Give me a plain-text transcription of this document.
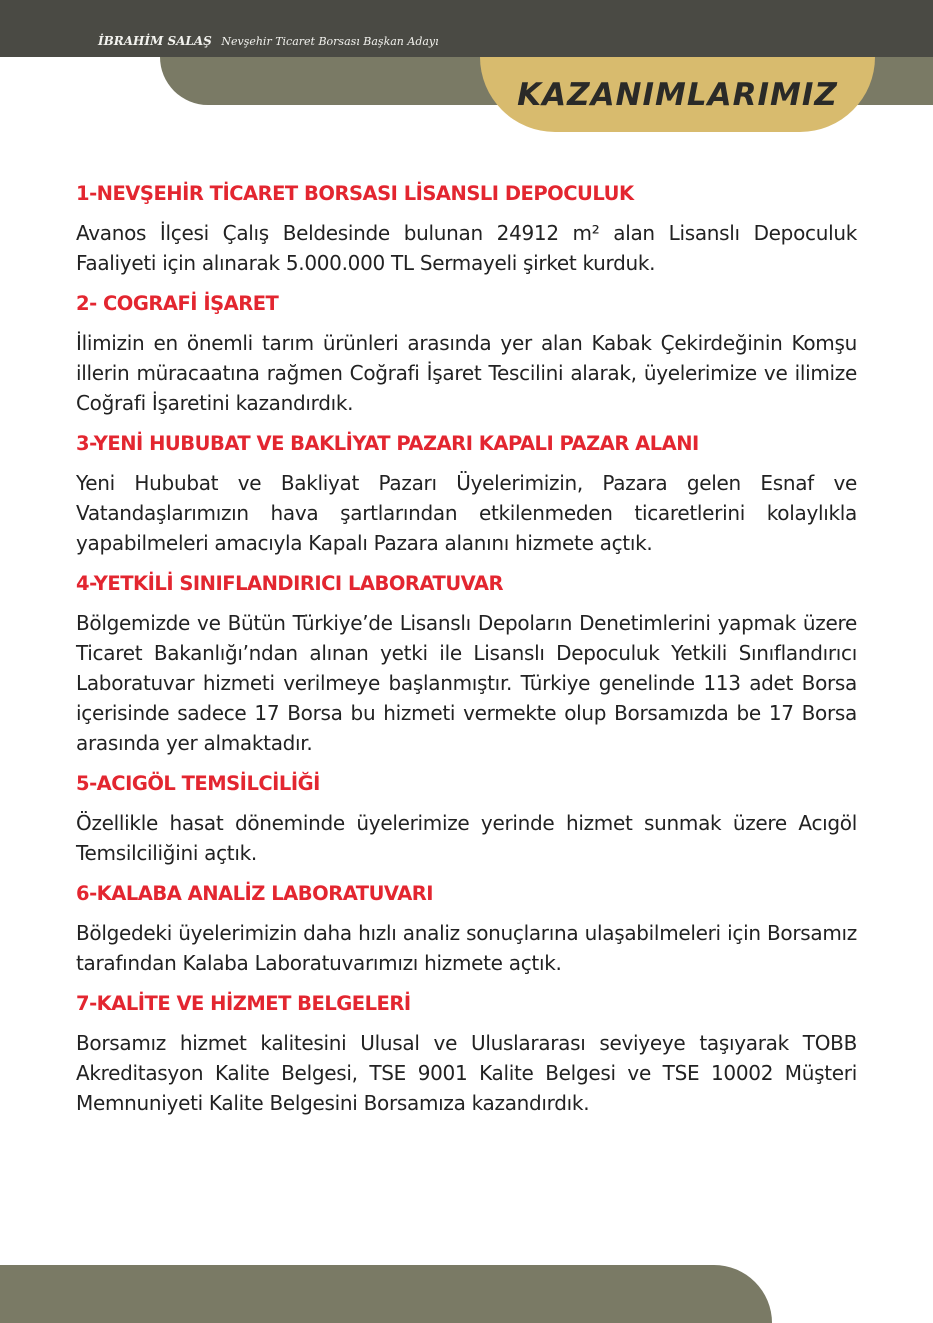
İBRAHİM SALAŞ Nevşehir Ticaret Borsası Başkan Adayı
KAZANIMLARIMIZ
1-NEVŞEHİR TİCARET BORSASI LİSANSLI DEPOCULUK

Avanos İlçesi Çalış Beldesinde bulunan 24912 m² alan Lisanslı Depoculuk Faaliyeti için alınarak 5.000.000 TL Sermayeli şirket kurduk.

2- COGRAFİ İŞARET

İlimizin en önemli tarım ürünleri arasında yer alan Kabak Çekirdeğinin Komşu illerin müracaatına rağmen Coğrafi İşaret Tescilini alarak, üyelerimize ve ilimize Coğrafi İşaretini kazandırdık.

3-YENİ HUBUBAT VE BAKLİYAT PAZARI KAPALI PAZAR ALANI

Yeni Hububat ve Bakliyat Pazarı Üyelerimizin, Pazara gelen Esnaf ve Vatandaşlarımızın hava şartlarından etkilenmeden ticaretlerini kolaylıkla yapabilmeleri amacıyla Kapalı Pazara alanını hizmete açtık.

4-YETKİLİ SINIFLANDIRICI LABORATUVAR

Bölgemizde ve Bütün Türkiye’de Lisanslı Depoların Denetimlerini yapmak üzere Ticaret Bakanlığı’ndan alınan yetki ile Lisanslı Depoculuk Yetkili Sınıflandırıcı Laboratuvar hizmeti verilmeye başlanmıştır. Türkiye genelinde 113 adet Borsa içerisinde sadece 17 Borsa bu hizmeti vermekte olup Borsamızda be 17 Borsa arasında yer almaktadır.

5-ACIGÖL TEMSİLCİLİĞİ

Özellikle hasat döneminde üyelerimize yerinde hizmet sunmak üzere Acıgöl Temsilciliğini açtık.

6-KALABA ANALİZ LABORATUVARI

Bölgedeki üyelerimizin daha hızlı analiz sonuçlarına ulaşabilmeleri için Borsamız tarafından Kalaba Laboratuvarımızı hizmete açtık.

7-KALİTE VE HİZMET BELGELERİ

Borsamız hizmet kalitesini Ulusal ve Uluslararası seviyeye taşıyarak TOBB Akreditasyon Kalite Belgesi, TSE 9001 Kalite Belgesi ve TSE 10002 Müşteri Memnuniyeti Kalite Belgesini Borsamıza kazandırdık.
